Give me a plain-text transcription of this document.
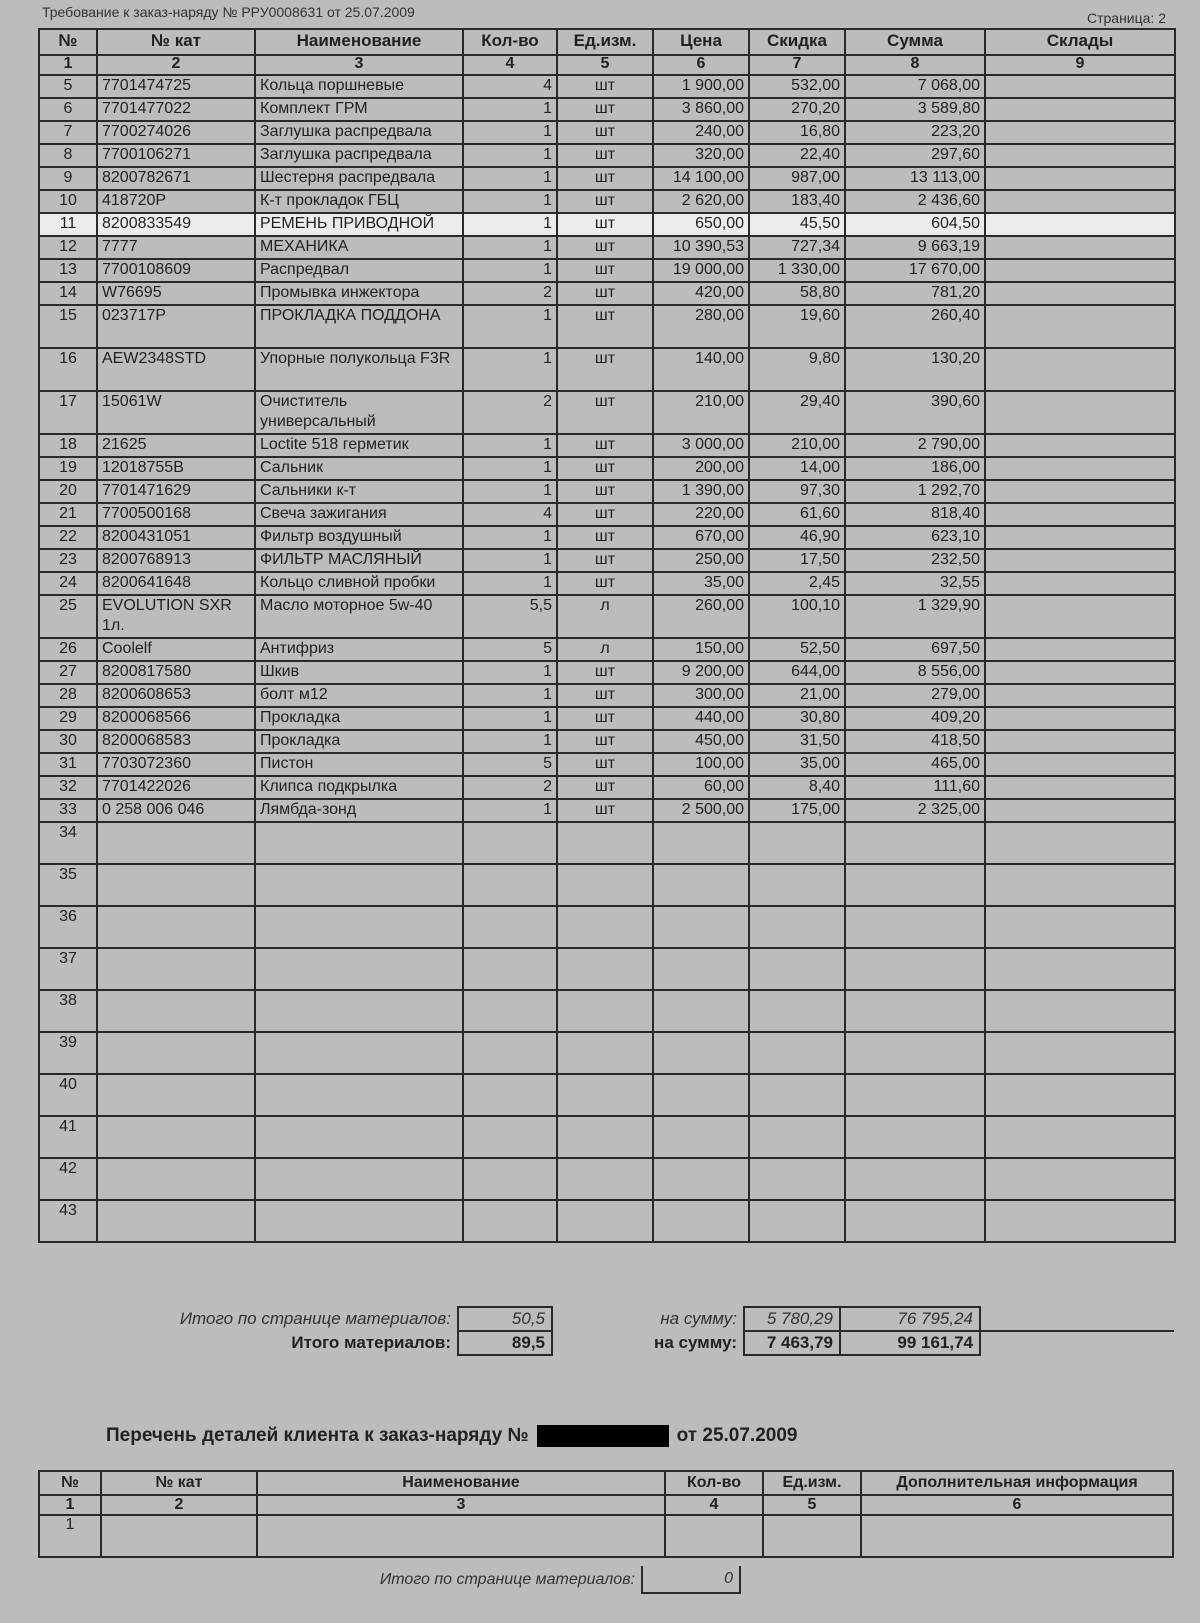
Требование к заказ-наряду № РРУ0008631 от 25.07.2009	Страница: 2
№	№ кат	Наименование	Кол-во	Ед.изм.	Цена	Скидка	Сумма	Склады
1	2	3	4	5	6	7	8	9
5	7701474725	Кольца поршневые	4	шт	1 900,00	532,00	7 068,00	
6	7701477022	Комплект ГРМ	1	шт	3 860,00	270,20	3 589,80	
7	7700274026	Заглушка распредвала	1	шт	240,00	16,80	223,20	
8	7700106271	Заглушка распредвала	1	шт	320,00	22,40	297,60	
9	8200782671	Шестерня распредвала	1	шт	14 100,00	987,00	13 113,00	
10	418720P	К-т прокладок ГБЦ	1	шт	2 620,00	183,40	2 436,60	
11	8200833549	РЕМЕНЬ ПРИВОДНОЙ	1	шт	650,00	45,50	604,50	
12	7777	МЕХАНИКА	1	шт	10 390,53	727,34	9 663,19	
13	7700108609	Распредвал	1	шт	19 000,00	1 330,00	17 670,00	
14	W76695	Промывка инжектора	2	шт	420,00	58,80	781,20	
15	023717P	ПРОКЛАДКА ПОДДОНА	1	шт	280,00	19,60	260,40	
16	AEW2348STD	Упорные полукольца F3R	1	шт	140,00	9,80	130,20	
17	15061W	Очиститель универсальный	2	шт	210,00	29,40	390,60	
18	21625	Loctite 518 герметик	1	шт	3 000,00	210,00	2 790,00	
19	12018755B	Сальник	1	шт	200,00	14,00	186,00	
20	7701471629	Сальники к-т	1	шт	1 390,00	97,30	1 292,70	
21	7700500168	Свеча зажигания	4	шт	220,00	61,60	818,40	
22	8200431051	Фильтр воздушный	1	шт	670,00	46,90	623,10	
23	8200768913	ФИЛЬТР МАСЛЯНЫЙ	1	шт	250,00	17,50	232,50	
24	8200641648	Кольцо сливной пробки	1	шт	35,00	2,45	32,55	
25	EVOLUTION SXR 1л.	Масло моторное 5w-40	5,5	л	260,00	100,10	1 329,90	
26	Coolelf	Антифриз	5	л	150,00	52,50	697,50	
27	8200817580	Шкив	1	шт	9 200,00	644,00	8 556,00	
28	8200608653	болт м12	1	шт	300,00	21,00	279,00	
29	8200068566	Прокладка	1	шт	440,00	30,80	409,20	
30	8200068583	Прокладка	1	шт	450,00	31,50	418,50	
31	7703072360	Пистон	5	шт	100,00	35,00	465,00	
32	7701422026	Клипса подкрылка	2	шт	60,00	8,40	111,60	
33	0 258 006 046	Лямбда-зонд	1	шт	2 500,00	175,00	2 325,00	
34								
35								
36								
37								
38								
39								
40								
41								
42								
43								
Итого по странице материалов:	50,5	на сумму:	5 780,29	76 795,24	
Итого материалов:	89,5	на сумму:	7 463,79	99 161,74	
Перечень деталей клиента к заказ-наряду №	от 25.07.2009
№	№ кат	Наименование	Кол-во	Ед.изм.	Дополнительная информация
1	2	3	4	5	6
1					
Итого по странице материалов:	0	
